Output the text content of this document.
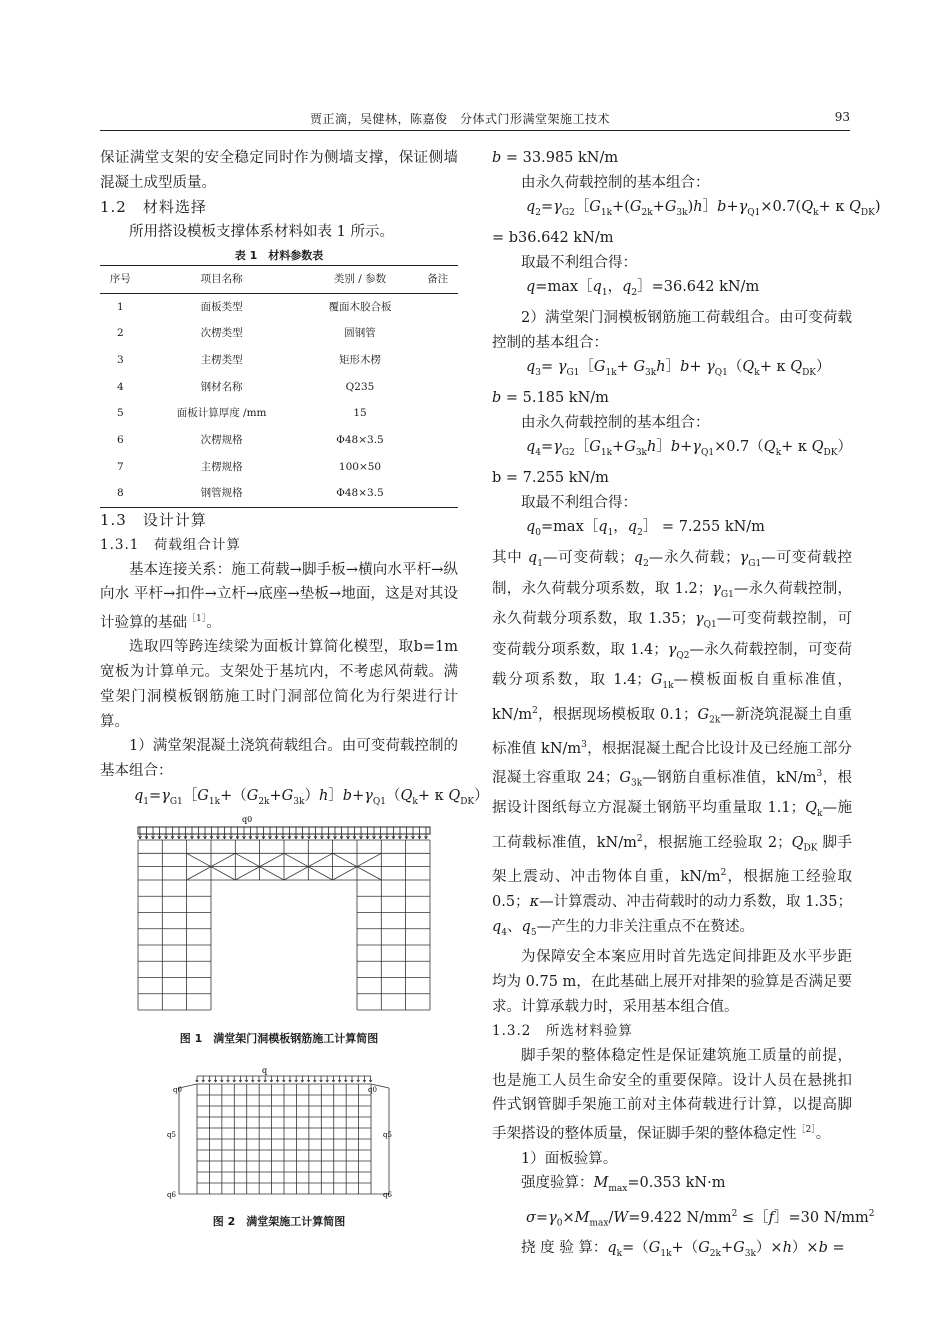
贾正滴，吴健林，陈嘉俊　分体式门形满堂架施工技术	93

保证满堂支架的安全稳定同时作为侧墙支撑，保证侧墙混凝土成型质量。

1.2　材料选择

所用搭设模板支撑体系材料如表 1 所示。

表 1　材料参数表
序号	项目名称	类别 / 参数	备注
1	面板类型	覆面木胶合板	
2	次楞类型	圆钢管	
3	主楞类型	矩形木楞	
4	钢材名称	Q235	
5	面板计算厚度 /mm	15	
6	次楞规格	Φ48×3.5	
7	主楞规格	100×50	
8	钢管规格	Φ48×3.5	

1.3　设计计算

1.3.1　荷载组合计算

基本连接关系：施工荷载→脚手板→横向水平杆→纵向水 平杆→扣件→立杆→底座→垫板→地面，这是对其设计验算的基础$^{[1]}$。

选取四等跨连续梁为面板计算简化模型，取b=1m 宽板为计算单元。支架处于基坑内，不考虑风荷载。满堂架门洞模板钢筋施工时门洞部位简化为行架进行计算。

1）满堂架混凝土浇筑荷载组合。由可变荷载控制的基本组合：

$q_1=\gamma_{G1}[G_{1k}+(G_{2k}+G_{3k})h]b+\gamma_{Q1}(Q_k+ \kappa$ $Q_{DK}$）

q0
图 1　满堂架门洞模板钢筋施工计算简图
q
q0	q0
q5	q5
q6	q6
图 2　满堂架施工计算简图

b = 33.985 kN/m

由永久荷载控制的基本组合：

$q_2=\gamma_{G2}[G_{1k}+(G_{2k}+G_{3k})h]b+\gamma_{Q1}\times 0.7(Q_k+ \kappa$ $Q_{DK}$)

= b36.642 kN/m

取最不利组合得：

$q=\max[q_1$，$q_2]=36.642$ kN/m

2）满堂架门洞模板钢筋施工荷载组合。由可变荷载控制的基本组合：

$q_3=$ $\gamma_{G1}[G_{1k}+$ $G_{3k}h]b+ \gamma_{Q1}(Q_k+ \kappa$ $Q_{DK}$）

b = 5.185 kN/m

由永久荷载控制的基本组合：

$q_4=\gamma_{G2}[G_{1k}+G_{3k}h]b+\gamma_{Q1}\times 0.7(Q_k+ \kappa$ $Q_{DK}$）

b = 7.255 kN/m

取最不利组合得：

$q_0=\max[q_1$，$q_2] = 7.255$ kN/m

其中 $q_1—$可变荷载；$q_2—$永久荷载；$\gamma_{G1}—$可变荷载控制，永久荷载分项系数，取 1.2；$\gamma_{G1}—$永久荷载控制，永久荷载分项系数，取 1.35；$\gamma_{Q1}—$可变荷载控制，可变荷载分项系数，取 1.4；$\gamma_{Q2}—$永久荷载控制，可变荷载分项系数，取 1.4；$G_{1k}—$模板面板自重标准值，$kN/m^2$，根据现场模板取 0.1；$G_{2k}—$新浇筑混凝土自重标准值 $kN/m^3$，根据混凝土配合比设计及已经施工部分混凝土容重取 24；$G_{3k}—$钢筋自重标准值，$kN/m^3$，根据设计图纸每立方混凝土钢筋平均重量取 1.1；$Q_k—$施工荷载标准值，$kN/m^2$，根据施工经验取 2；$Q_{DK}$ 脚手架上震动、冲击物体自重，$kN/m^2$，根据施工经验取 0.5；κ—计算震动、冲击荷载时的动力系数，取 1.35；$q_4$、$q_5—$产生的力非关注重点不在赘述。

为保障安全本案应用时首先选定间排距及水平步距均为 0.75 m，在此基础上展开对排架的验算是否满足要求。计算承载力时，采用基本组合值。

1.3.2　所选材料验算

脚手架的整体稳定性是保证建筑施工质量的前提，也是施工人员生命安全的重要保障。设计人员在悬挑扣件式钢管脚手架施工前对主体荷载进行计算，以提高脚手架搭设的整体质量，保证脚手架的整体稳定性$^{[2]}$。

1）面板验算。

强度验算：$M_{max}=0.353$ kN·m

$\sigma=\gamma_0\times M_{max}/W=9.422$ $N/mm^2$ ≤［f］=30 $N/mm^2$

挠 度 验 算：$q_k=(G_{1k}+(G_{2k}+G_{3k})\times h)\times b$ =
